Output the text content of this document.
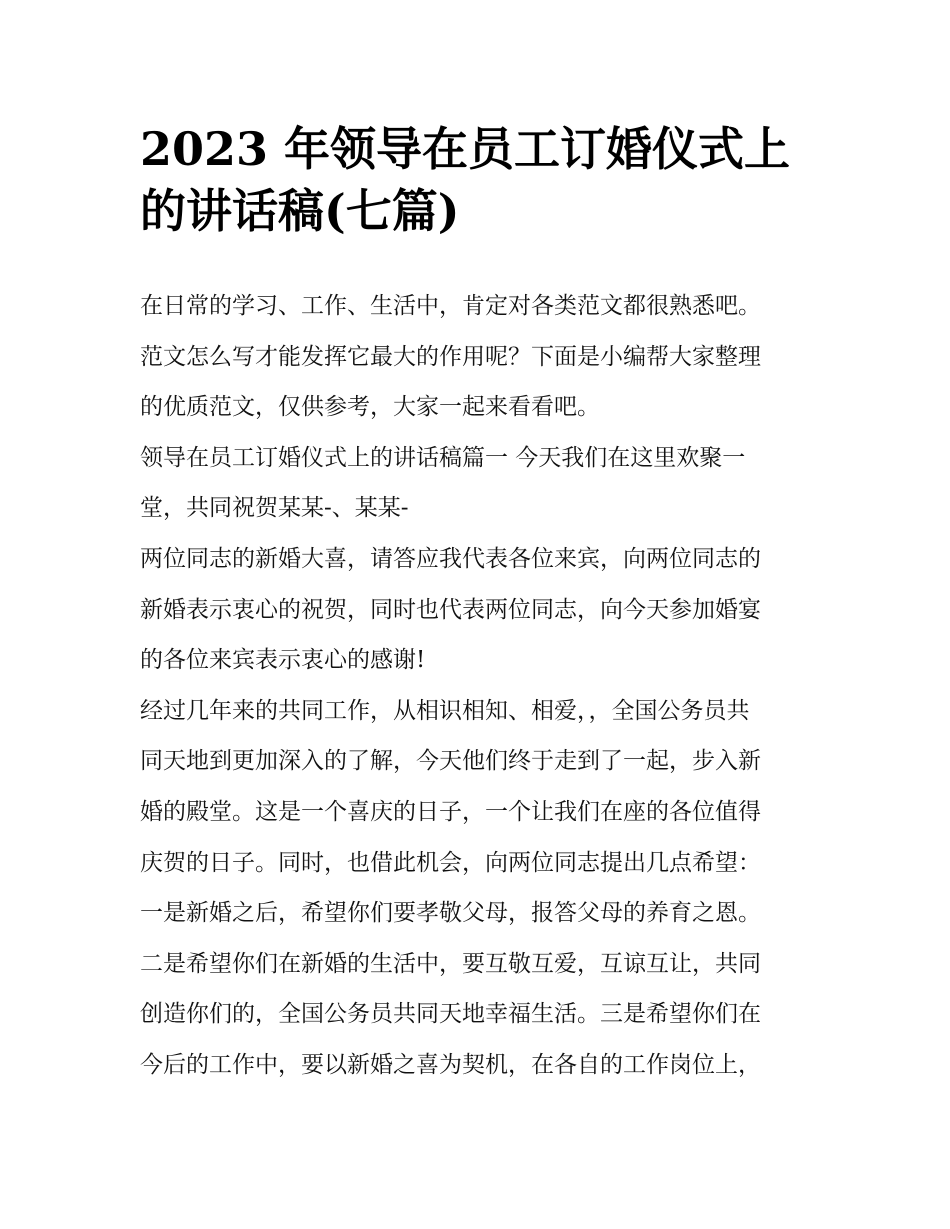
2023 年领导在员工订婚仪式上
的讲话稿(七篇)
在日常的学习、工作、生活中，肯定对各类范文都很熟悉吧。
范文怎么写才能发挥它最大的作用呢？下面是小编帮大家整理
的优质范文，仅供参考，大家一起来看看吧。
领导在员工订婚仪式上的讲话稿篇一 今天我们在这里欢聚一
堂，共同祝贺某某-、某某-
两位同志的新婚大喜，请答应我代表各位来宾，向两位同志的
新婚表示衷心的祝贺，同时也代表两位同志，向今天参加婚宴
的各位来宾表示衷心的感谢!
经过几年来的共同工作，从相识相知、相爱，，全国公务员共
同天地到更加深入的了解，今天他们终于走到了一起，步入新
婚的殿堂。这是一个喜庆的日子，一个让我们在座的各位值得
庆贺的日子。同时，也借此机会，向两位同志提出几点希望：
一是新婚之后，希望你们要孝敬父母，报答父母的养育之恩。
二是希望你们在新婚的生活中，要互敬互爱，互谅互让，共同
创造你们的，全国公务员共同天地幸福生活。三是希望你们在
今后的工作中，要以新婚之喜为契机，在各自的工作岗位上，
